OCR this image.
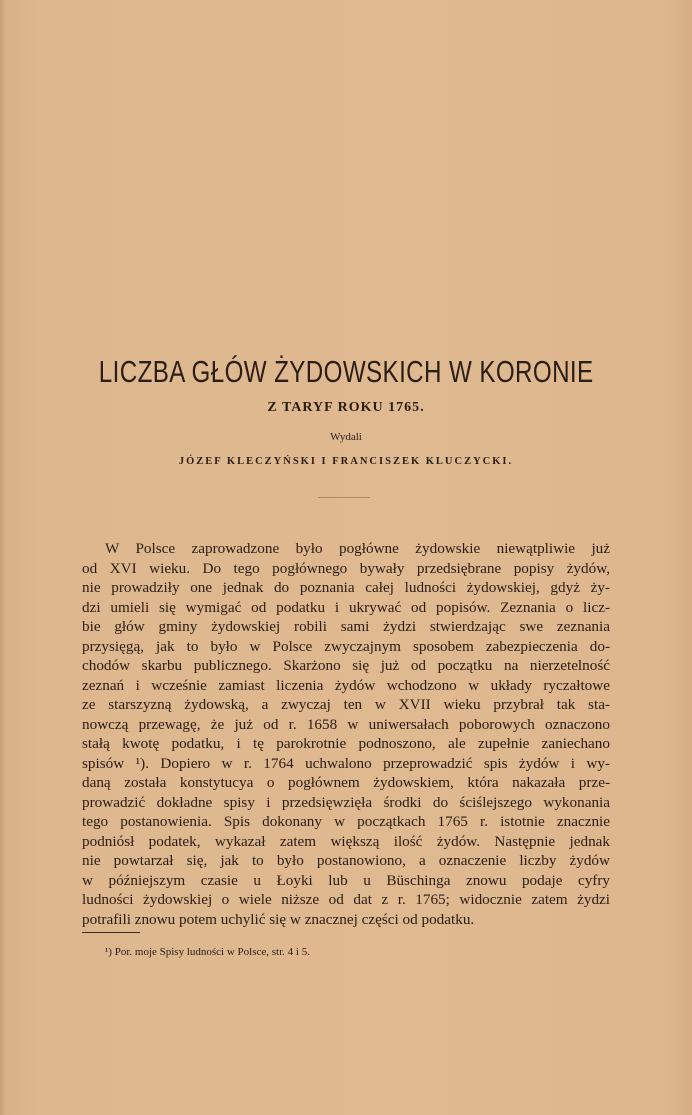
LICZBA GŁÓW ŻYDOWSKICH W KORONIE
Z TARYF ROKU 1765.
Wydali
JÓZEF KLECZYŃSKI I FRANCISZEK KLUCZYCKI.
W Polsce zaprowadzone było pogłówne żydowskie niewątpliwie już
od XVI wieku. Do tego pogłównego bywały przedsiębrane popisy żydów,
nie prowadziły one jednak do poznania całej ludności żydowskiej, gdyż ży-
dzi umieli się wymigać od podatku i ukrywać od popisów. Zeznania o licz-
bie głów gminy żydowskiej robili sami żydzi stwierdzając swe zeznania
przysięgą, jak to było w Polsce zwyczajnym sposobem zabezpieczenia do-
chodów skarbu publicznego. Skarżono się już od początku na nierzetelność
zeznań i wcześnie zamiast liczenia żydów wchodzono w układy ryczałtowe
ze starszyzną żydowską, a zwyczaj ten w XVII wieku przybrał tak sta-
nowczą przewagę, że już od r. 1658 w uniwersałach poborowych oznaczono
stałą kwotę podatku, i tę parokrotnie podnoszono, ale zupełnie zaniechano
spisów ¹). Dopiero w r. 1764 uchwalono przeprowadzić spis żydów i wy-
daną została konstytucya o pogłównem żydowskiem, która nakazała prze-
prowadzić dokładne spisy i przedsięwzięła środki do ściślejszego wykonania
tego postanowienia. Spis dokonany w początkach 1765 r. istotnie znacznie
podniósł podatek, wykazał zatem większą ilość żydów. Następnie jednak
nie powtarzał się, jak to było postanowiono, a oznaczenie liczby żydów
w późniejszym czasie u Łoyki lub u Büschinga znowu podaje cyfry
ludności żydowskiej o wiele niższe od dat z r. 1765; widocznie zatem żydzi
potrafili znowu potem uchylić się w znacznej części od podatku.
¹) Por. moje Spisy ludności w Polsce, str. 4 i 5.
